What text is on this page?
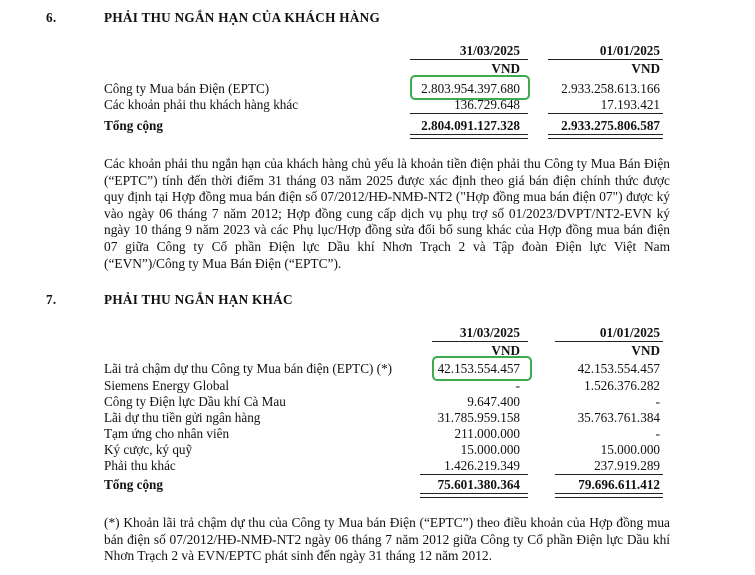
6.	PHẢI THU NGẮN HẠN CỦA KHÁCH HÀNG
31/03/2025	01/01/2025
VND	VND
Công ty Mua bán Điện (EPTC)	2.803.954.397.680	2.933.258.613.166
Các khoản phải thu khách hàng khác	136.729.648	17.193.421
Tổng cộng	2.804.091.127.328	2.933.275.806.587
Các khoản phải thu ngắn hạn của khách hàng chủ yếu là khoản tiền điện phải thu Công ty Mua Bán Điện (“EPTC”) tính đến thời điểm 31 tháng 03 năm 2025 được xác định theo giá bán điện chính thức được quy định tại Hợp đồng mua bán điện số 07/2012/HĐ-NMĐ-NT2 ("Hợp đồng mua bán điện 07") được ký vào ngày 06 tháng 7 năm 2012; Hợp đồng cung cấp dịch vụ phụ trợ số 01/2023/DVPT/NT2-EVN ký ngày 10 tháng 9 năm 2023 và các Phụ lục/Hợp đồng sửa đổi bổ sung khác của Hợp đồng mua bán điện 07 giữa Công ty Cổ phần Điện lực Dầu khí Nhơn Trạch 2 và Tập đoàn Điện lực Việt Nam (“EVN”)/Công ty Mua Bán Điện (“EPTC”).
7.	PHẢI THU NGẮN HẠN KHÁC
31/03/2025	01/01/2025
VND	VND
Lãi trả chậm dự thu Công ty Mua bán điện (EPTC) (*)	42.153.554.457	42.153.554.457
Siemens Energy Global	-	1.526.376.282
Công ty Điện lực Dầu khí Cà Mau	9.647.400	-
Lãi dự thu tiền gửi ngân hàng	31.785.959.158	35.763.761.384
Tạm ứng cho nhân viên	211.000.000	-
Ký cược, ký quỹ	15.000.000	15.000.000
Phải thu khác	1.426.219.349	237.919.289
Tổng cộng	75.601.380.364	79.696.611.412
(*) Khoản lãi trả chậm dự thu của Công ty Mua bán Điện (“EPTC”) theo điều khoản của Hợp đồng mua bán điện số 07/2012/HĐ-NMĐ-NT2 ngày 06 tháng 7 năm 2012 giữa Công ty Cổ phần Điện lực Dầu khí Nhơn Trạch 2 và EVN/EPTC phát sinh đến ngày 31 tháng 12 năm 2012.
